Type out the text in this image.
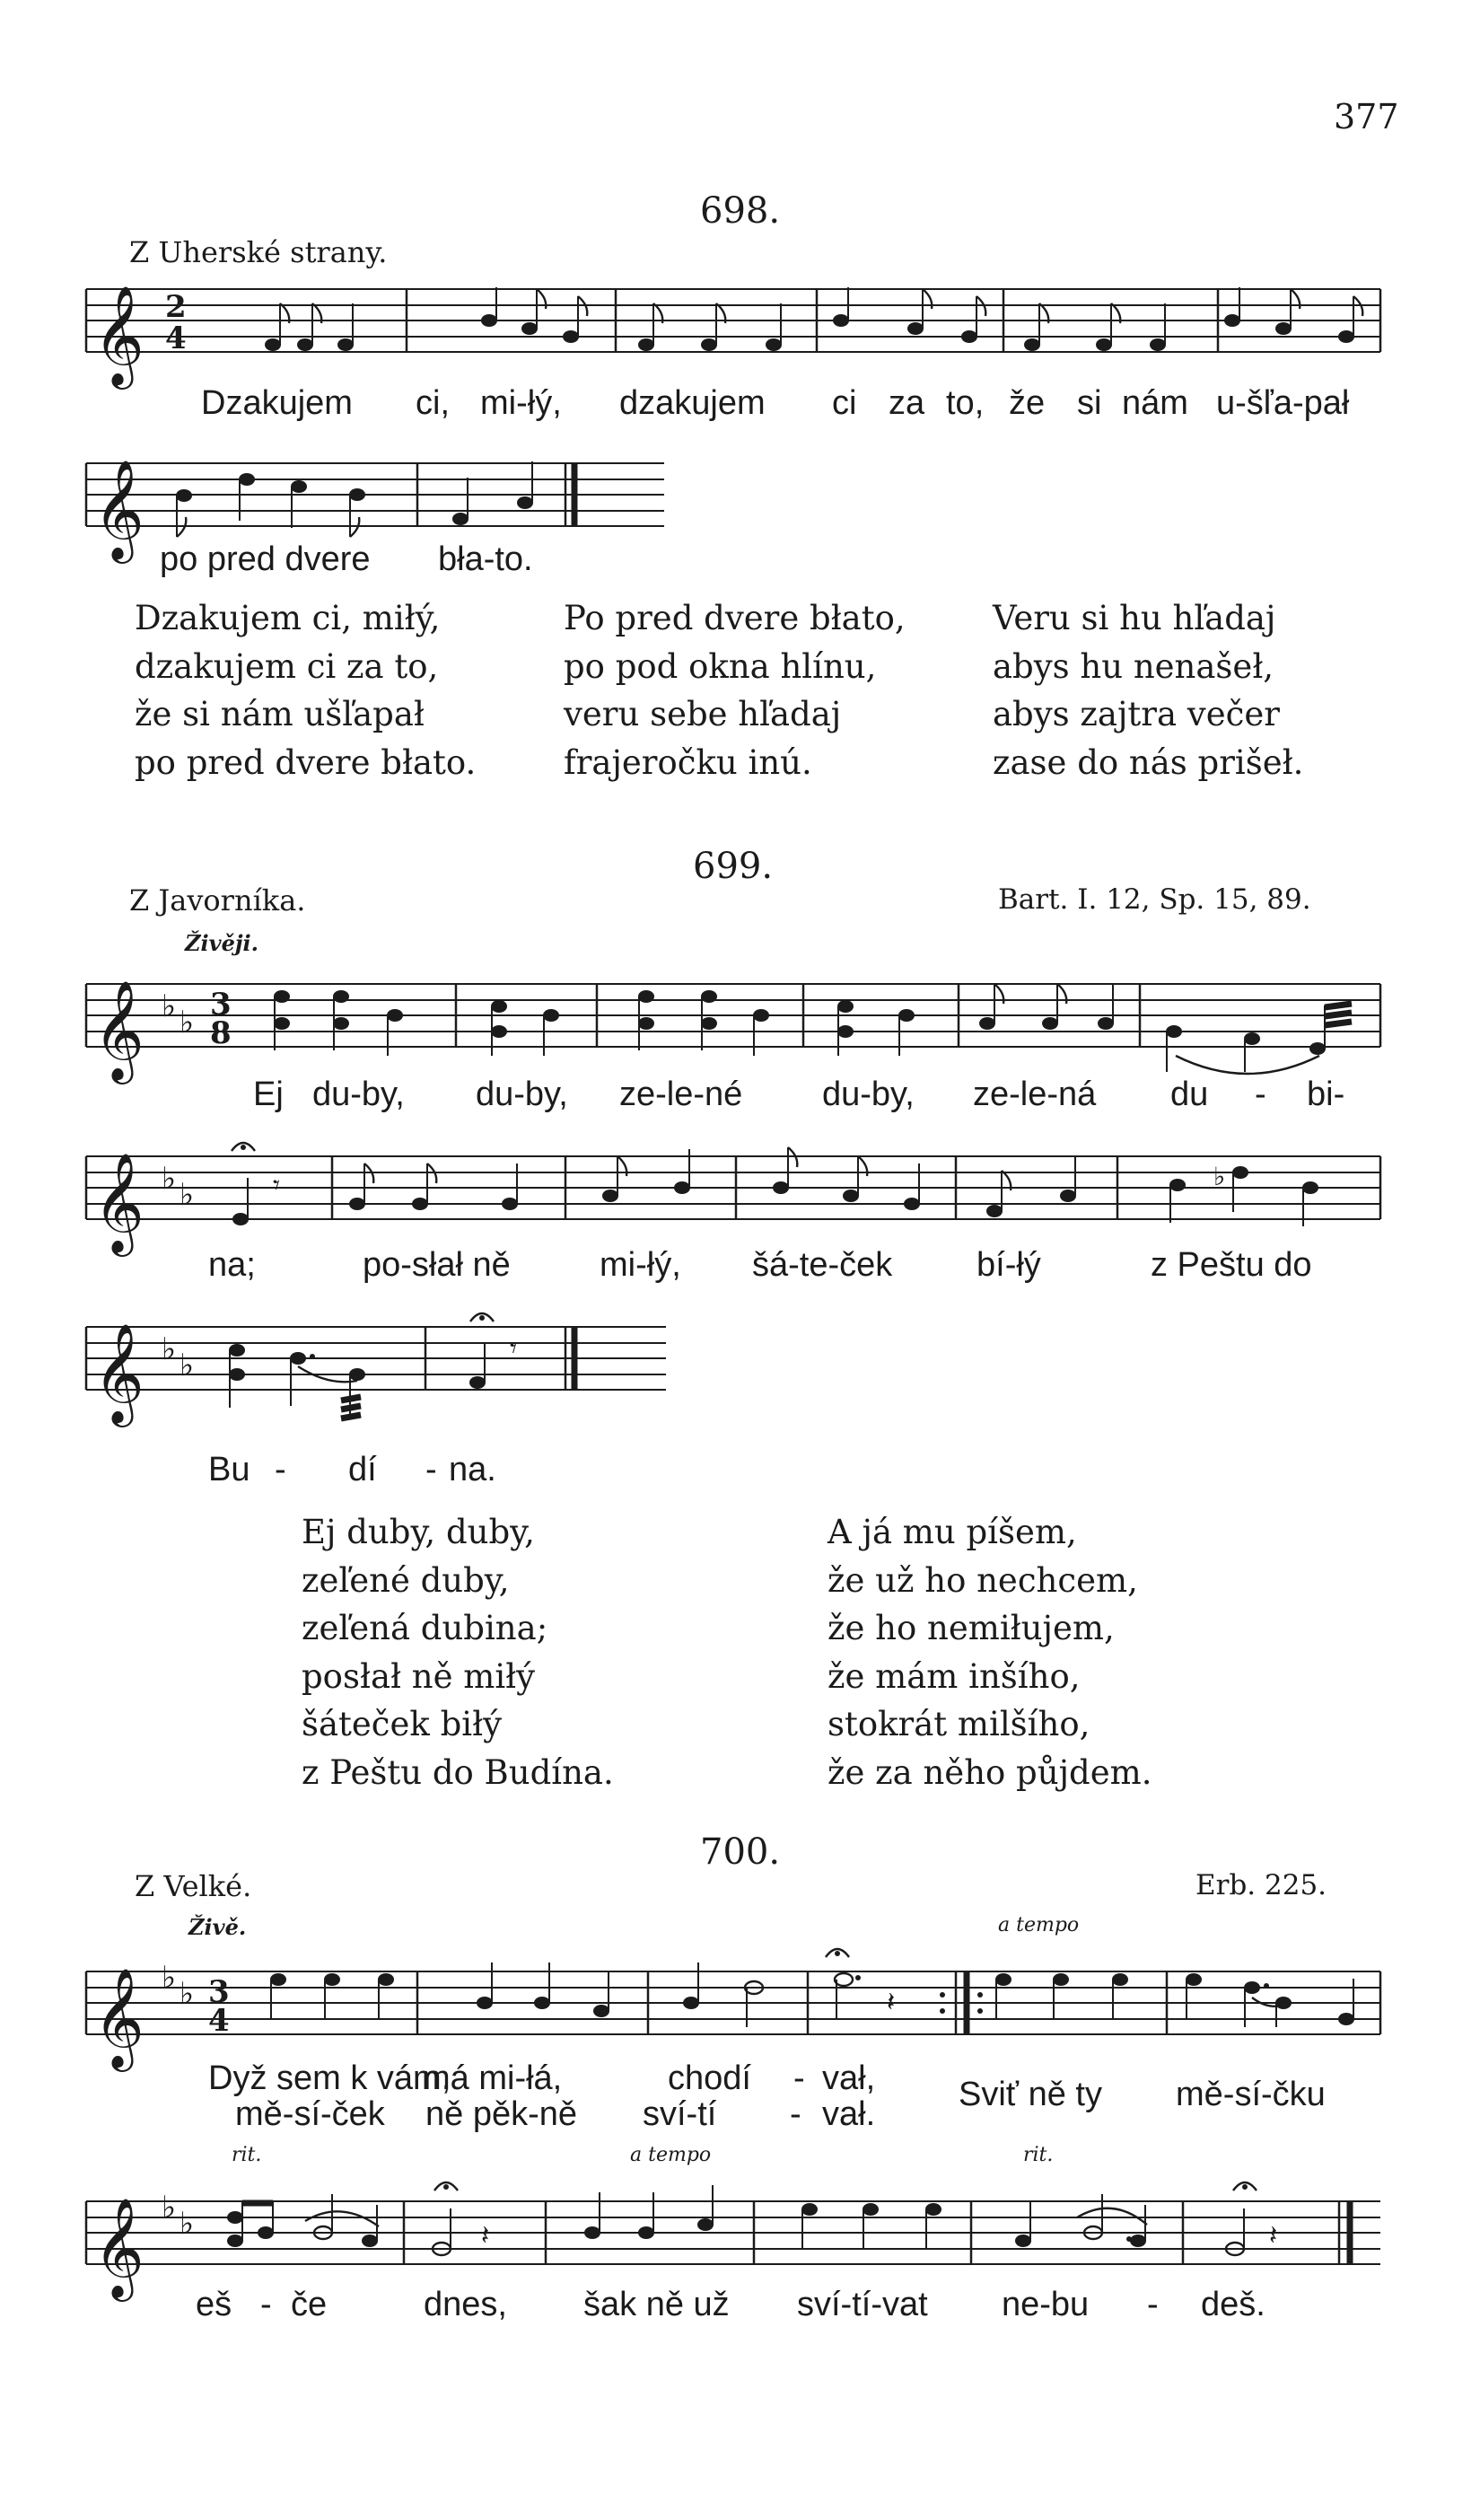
377
698.
Z Uherské strany.
𝄞 2
4
𝄞
Dzakujem ci, mi-łý, dzakujem ci za to, že si nám u-šľa-pał
po pred dvere bła-to.
Dzakujem ci, miłý,
dzakujem ci za to,
že si nám ušľapał
po pred dvere błato.
Po pred dvere błato,
po pod okna hlínu,
veru sebe hľadaj
frajeročku inú.
Veru si hu hľadaj
abys hu nenašeł,
abys zajtra večer
zase do nás prišeł.
699.
Z Javorníka.	Bart. I. 12, Sp. 15, 89.
Živěji.
𝄞 ♭ ♭ 3
8
𝄞 ♭ ♭	𝄾	♭
𝄞 ♭ ♭	𝄾
Ej du-by, du-by, ze-le-né du-by, ze-le-ná du - bi-
na;	po-słał ně	mi-łý, šá-te-ček bí-łý	z Peštu do
Bu - dí - na.
Ej duby, duby,
zeľené duby,
zeľená dubina;
posłał ně miłý
šáteček biłý
z Peštu do Budína.
A já mu píšem,
že už ho nechcem,
že ho nemiłujem,
že mám inšího,
stokrát milšího,
že za něho půjdem.
700.
Z Velké.	Erb. 225.
Živě.	a tempo
𝄞 ♭ ♭ 3
4
𝄽
𝄞 ♭ ♭	𝄽	𝄽
Dyž sem k vám,
má mi-łá,	chodí - vał,
mě-sí-ček ně pěk-ně sví-tí - vał.
Sviť ně ty mě-sí-čku
rit.	a tempo	rit.
eš - če	dnes, šak ně už sví-tí-vat ne-bu - deš.
